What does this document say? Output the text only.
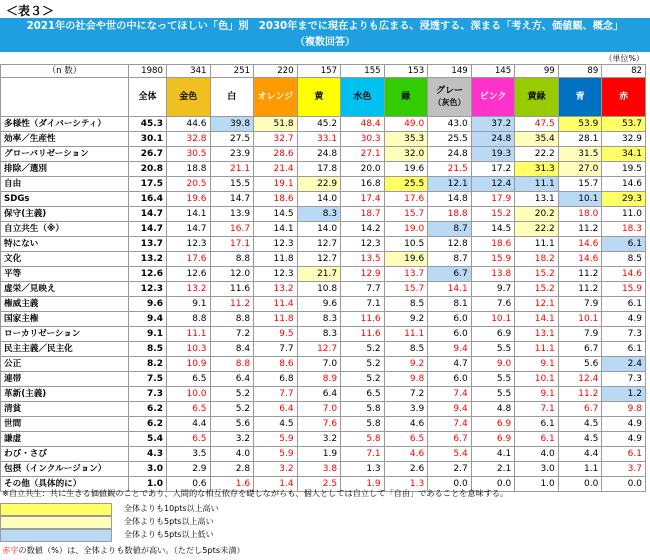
＜表３＞
2021年の社会や世の中になってほしい「色」別　2030年までに現在よりも広まる、浸透する、深まる「考え方、価値観、概念」
（複数回答）
（単位%）
（n 数）	1980	341	251	220	157	155	153	149	145	99	89	82
	全体	金色	白	オレンジ	黄	水色	緑	グレー
（灰色）	ピンク	黄緑	青	赤

多様性（ダイバーシティ）	45.3	44.6	39.8	51.8	45.2	48.4	49.0	43.0	37.2	47.5	53.9	53.7
効率／生産性	30.1	32.8	27.5	32.7	33.1	30.3	35.3	25.5	24.8	35.4	28.1	32.9
グローバリゼーション	26.7	30.5	23.9	28.6	24.8	27.1	32.0	24.8	19.3	22.2	31.5	34.1
排除／選別	20.8	18.8	21.1	21.4	17.8	20.0	19.6	21.5	17.2	31.3	27.0	19.5
自由	17.5	20.5	15.5	19.1	22.9	16.8	25.5	12.1	12.4	11.1	15.7	14.6
SDGs	16.4	19.6	14.7	18.6	14.0	17.4	17.6	14.8	17.9	13.1	10.1	29.3
保守(主義)	14.7	14.1	13.9	14.5	8.3	18.7	15.7	18.8	15.2	20.2	18.0	11.0
自立共生（※）	14.7	14.7	16.7	14.1	14.0	14.2	19.0	8.7	14.5	22.2	11.2	18.3
特にない	13.7	12.3	17.1	12.3	12.7	12.3	10.5	12.8	18.6	11.1	14.6	6.1
文化	13.2	17.6	8.8	11.8	12.7	13.5	19.6	8.7	15.9	18.2	14.6	8.5
平等	12.6	12.6	12.0	12.3	21.7	12.9	13.7	6.7	13.8	15.2	11.2	14.6
虚栄／見映え	12.3	13.2	11.6	13.2	10.8	7.7	15.7	14.1	9.7	15.2	11.2	15.9
権威主義	9.6	9.1	11.2	11.4	9.6	7.1	8.5	8.1	7.6	12.1	7.9	6.1
国家主権	9.4	8.8	8.8	11.8	8.3	11.6	9.2	6.0	10.1	14.1	10.1	4.9
ローカリゼーション	9.1	11.1	7.2	9.5	8.3	11.6	11.1	6.0	6.9	13.1	7.9	7.3
民主主義／民主化	8.5	10.3	8.4	7.7	12.7	5.2	8.5	9.4	5.5	11.1	6.7	6.1
公正	8.2	10.9	8.8	8.6	7.0	5.2	9.2	4.7	9.0	9.1	5.6	2.4
連帯	7.5	6.5	6.4	6.8	8.9	5.2	9.8	6.0	5.5	10.1	12.4	7.3
革新(主義)	7.3	10.0	5.2	7.7	6.4	6.5	7.2	7.4	5.5	9.1	11.2	1.2
清貧	6.2	6.5	5.2	6.4	7.0	5.8	3.9	9.4	4.8	7.1	6.7	9.8
世間	6.2	4.4	5.6	4.5	7.6	5.8	4.6	7.4	6.9	6.1	4.5	4.9
謙虚	5.4	6.5	3.2	5.9	3.2	5.8	6.5	6.7	6.9	6.1	4.5	4.9
わび・さび	4.3	3.5	4.0	5.9	1.9	7.1	4.6	5.4	4.1	4.0	4.4	6.1
包摂（インクルージョン）	3.0	2.9	2.8	3.2	3.8	1.3	2.6	2.7	2.1	3.0	1.1	3.7
その他（具体的に）	1.0	0.6	1.6	1.4	2.5	1.9	1.3	0.0	0.0	1.0	0.0	0.0
※自立共生：共に生きる価値観のことであり、人間的な相互依存を礎しながらも、個人としては自立して「自由」であることを意味する。
全体よりも10pts以上高い
全体よりも5pts以上高い
全体よりも5pts以上低い
赤字の数値（%）は、全体よりも数値が高い。（ただし5pts未満）
